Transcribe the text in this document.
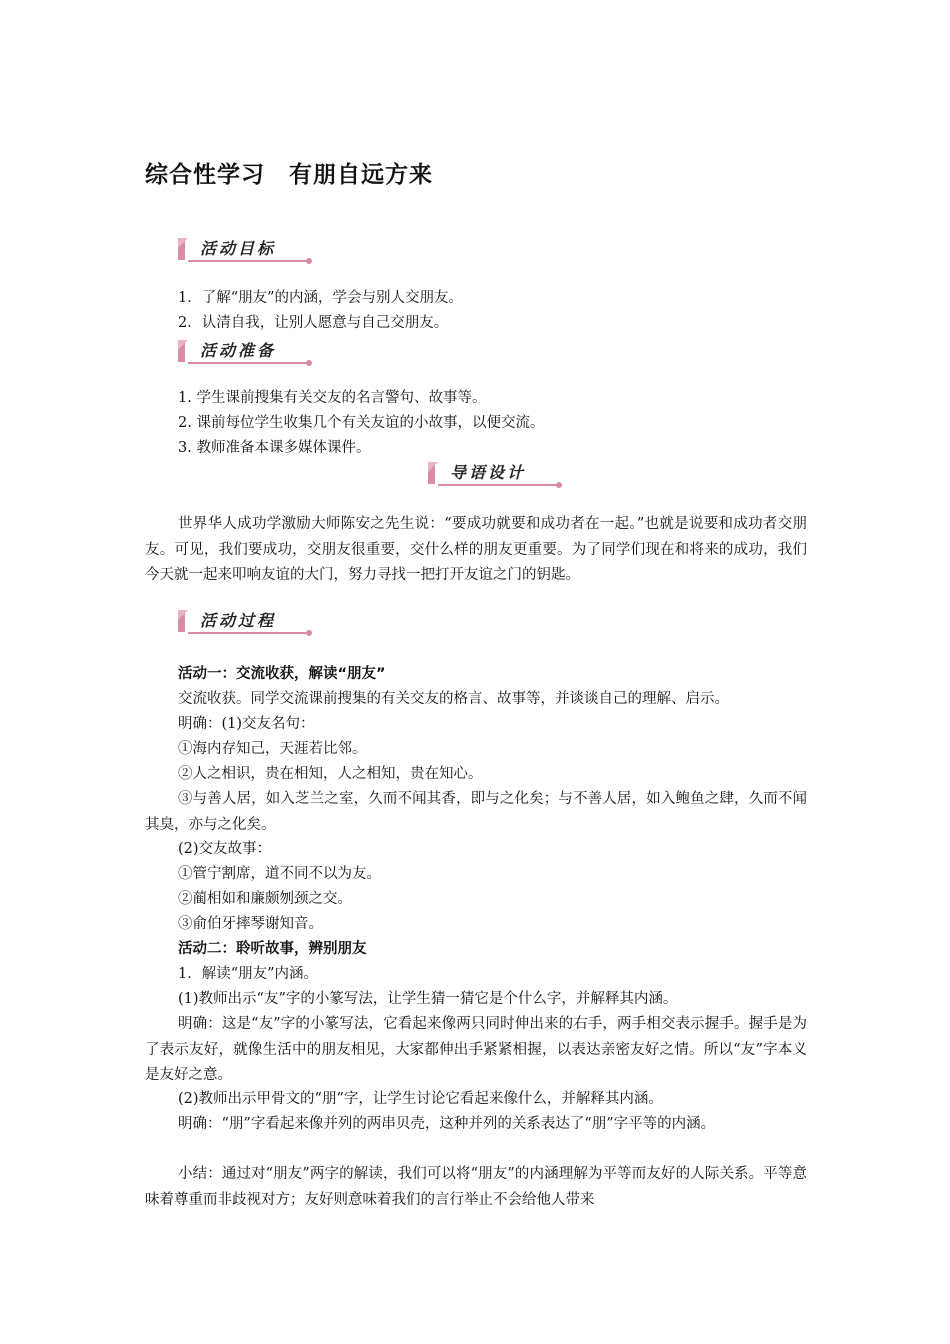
综合性学习　有朋自远方来
活动目标
1．了解“朋友”的内涵，学会与别人交朋友。
2．认清自我，让别人愿意与自己交朋友。
活动准备
1. 学生课前搜集有关交友的名言警句、故事等。
2. 课前每位学生收集几个有关友谊的小故事，以便交流。
3. 教师准备本课多媒体课件。
导语设计
世界华人成功学激励大师陈安之先生说：“要成功就要和成功者在一起。”也就是说要和成功者交朋友。可见，我们要成功，交朋友很重要，交什么样的朋友更重要。为了同学们现在和将来的成功，我们今天就一起来叩响友谊的大门，努力寻找一把打开友谊之门的钥匙。
活动过程
活动一：交流收获，解读“朋友”
交流收获。同学交流课前搜集的有关交友的格言、故事等，并谈谈自己的理解、启示。
明确：(1)交友名句：
①海内存知己，天涯若比邻。
②人之相识，贵在相知，人之相知，贵在知心。
③与善人居，如入芝兰之室，久而不闻其香，即与之化矣；与不善人居，如入鲍鱼之肆，久而不闻其臭，亦与之化矣。
(2)交友故事：
①管宁割席，道不同不以为友。
②蔺相如和廉颇刎颈之交。
③俞伯牙摔琴谢知音。
活动二：聆听故事，辨别朋友
1．解读“朋友”内涵。
(1)教师出示“友”字的小篆写法，让学生猜一猜它是个什么字，并解释其内涵。
明确：这是“友”字的小篆写法，它看起来像两只同时伸出来的右手，两手相交表示握手。握手是为了表示友好，就像生活中的朋友相见，大家都伸出手紧紧相握，以表达亲密友好之情。所以“友”字本义是友好之意。
(2)教师出示甲骨文的“朋”字，让学生讨论它看起来像什么，并解释其内涵。
明确：“朋”字看起来像并列的两串贝壳，这种并列的关系表达了“朋”字平等的内涵。
小结：通过对“朋友”两字的解读，我们可以将“朋友”的内涵理解为平等而友好的人际关系。平等意味着尊重而非歧视对方；友好则意味着我们的言行举止不会给他人带来
